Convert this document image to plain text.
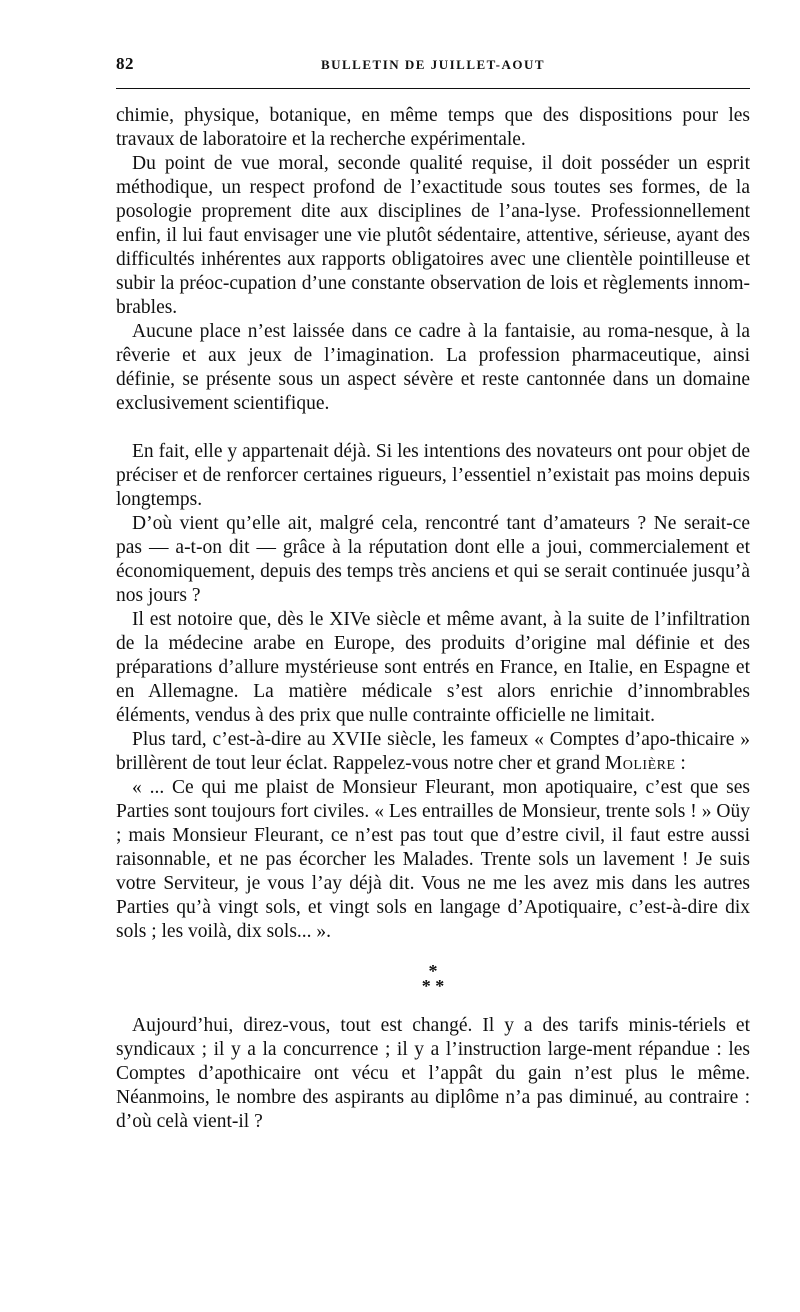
82	BULLETIN DE JUILLET-AOUT

chimie, physique, botanique, en même temps que des dispositions pour les travaux de laboratoire et la recherche expérimentale.

Du point de vue moral, seconde qualité requise, il doit posséder un esprit méthodique, un respect profond de l’exactitude sous toutes ses formes, de la posologie proprement dite aux disciplines de l’ana-lyse. Professionnellement enfin, il lui faut envisager une vie plutôt sédentaire, attentive, sérieuse, ayant des difficultés inhérentes aux rapports obligatoires avec une clientèle pointilleuse et subir la préoc-cupation d’une constante observation de lois et règlements innom-brables.

Aucune place n’est laissée dans ce cadre à la fantaisie, au roma-nesque, à la rêverie et aux jeux de l’imagination. La profession pharmaceutique, ainsi définie, se présente sous un aspect sévère et reste cantonnée dans un domaine exclusivement scientifique.

En fait, elle y appartenait déjà. Si les intentions des novateurs ont pour objet de préciser et de renforcer certaines rigueurs, l’essentiel n’existait pas moins depuis longtemps.

D’où vient qu’elle ait, malgré cela, rencontré tant d’amateurs ? Ne serait-ce pas — a-t-on dit — grâce à la réputation dont elle a joui, commercialement et économiquement, depuis des temps très anciens et qui se serait continuée jusqu’à nos jours ?

Il est notoire que, dès le XIVe siècle et même avant, à la suite de l’infiltration de la médecine arabe en Europe, des produits d’origine mal définie et des préparations d’allure mystérieuse sont entrés en France, en Italie, en Espagne et en Allemagne. La matière médicale s’est alors enrichie d’innombrables éléments, vendus à des prix que nulle contrainte officielle ne limitait.

Plus tard, c’est-à-dire au XVIIe siècle, les fameux « Comptes d’apo-thicaire » brillèrent de tout leur éclat. Rappelez-vous notre cher et grand Molière :

« ... Ce qui me plaist de Monsieur Fleurant, mon apotiquaire, c’est que ses Parties sont toujours fort civiles. « Les entrailles de Monsieur, trente sols ! » Oüy ; mais Monsieur Fleurant, ce n’est pas tout que d’estre civil, il faut estre aussi raisonnable, et ne pas écorcher les Malades. Trente sols un lavement ! Je suis votre Serviteur, je vous l’ay déjà dit. Vous ne me les avez mis dans les autres Parties qu’à vingt sols, et vingt sols en langage d’Apotiquaire, c’est-à-dire dix sols ; les voilà, dix sols... ».

*
* *

Aujourd’hui, direz-vous, tout est changé. Il y a des tarifs minis-tériels et syndicaux ; il y a la concurrence ; il y a l’instruction large-ment répandue : les Comptes d’apothicaire ont vécu et l’appât du gain n’est plus le même. Néanmoins, le nombre des aspirants au diplôme n’a pas diminué, au contraire : d’où celà vient-il ?
